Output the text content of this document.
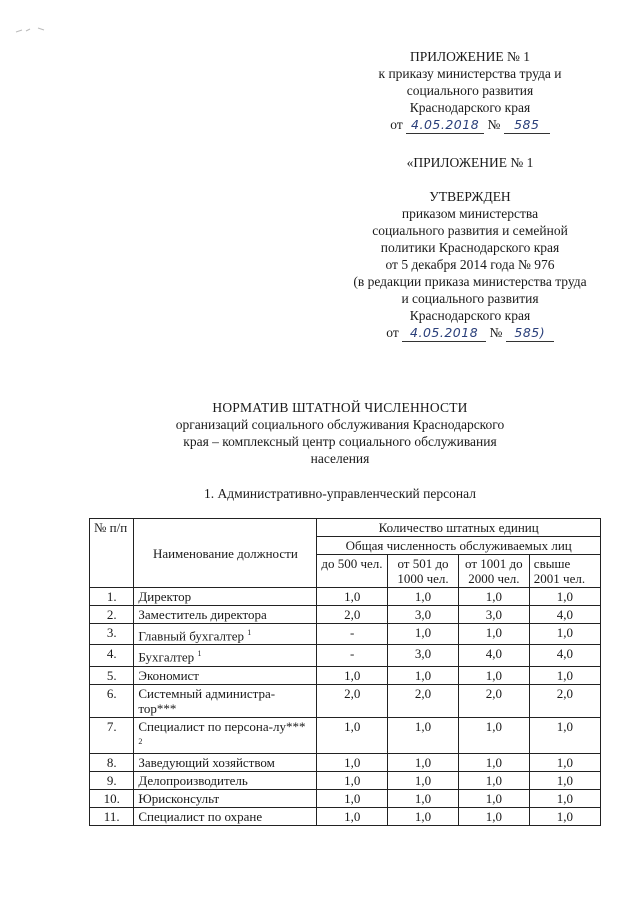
ПРИЛОЖЕНИЕ № 1
к приказу министерства труда и
социального развития
Краснодарского края
от 4.05.2018 № 585
«ПРИЛОЖЕНИЕ № 1
УТВЕРЖДЕН
приказом министерства
социального развития и семейной
политики Краснодарского края
от 5 декабря 2014 года № 976
(в редакции приказа министерства труда
и социального развития
Краснодарского края
от 4.05.2018 № 585)
НОРМАТИВ ШТАТНОЙ ЧИСЛЕННОСТИ
организаций социального обслуживания Краснодарского
края – комплексный центр социального обслуживания
населения
1. Административно-управленческий персонал
№ п/п	Наименование должности	Количество штатных единиц			
		Общая численность обслуживаемых лиц			
		до 500 чел.	от 501 до 1000 чел.	от 1001 до 2000 чел.	свыше 2001 чел.
1.	Директор	1,0	1,0	1,0	1,0
2.	Заместитель директора	2,0	3,0	3,0	4,0
3.	Главный бухгалтер $^1$	-	1,0	1,0	1,0
4.	Бухгалтер $^1$	-	3,0	4,0	4,0
5.	Экономист	1,0	1,0	1,0	1,0
6.	Системный администра-тор***	2,0	2,0	2,0	2,0
7.	Специалист по персона-лу*** $^2$	1,0	1,0	1,0	1,0
8.	Заведующий хозяйством	1,0	1,0	1,0	1,0
9.	Делопроизводитель	1,0	1,0	1,0	1,0
10.	Юрисконсульт	1,0	1,0	1,0	1,0
11.	Специалист по охране	1,0	1,0	1,0	1,0
